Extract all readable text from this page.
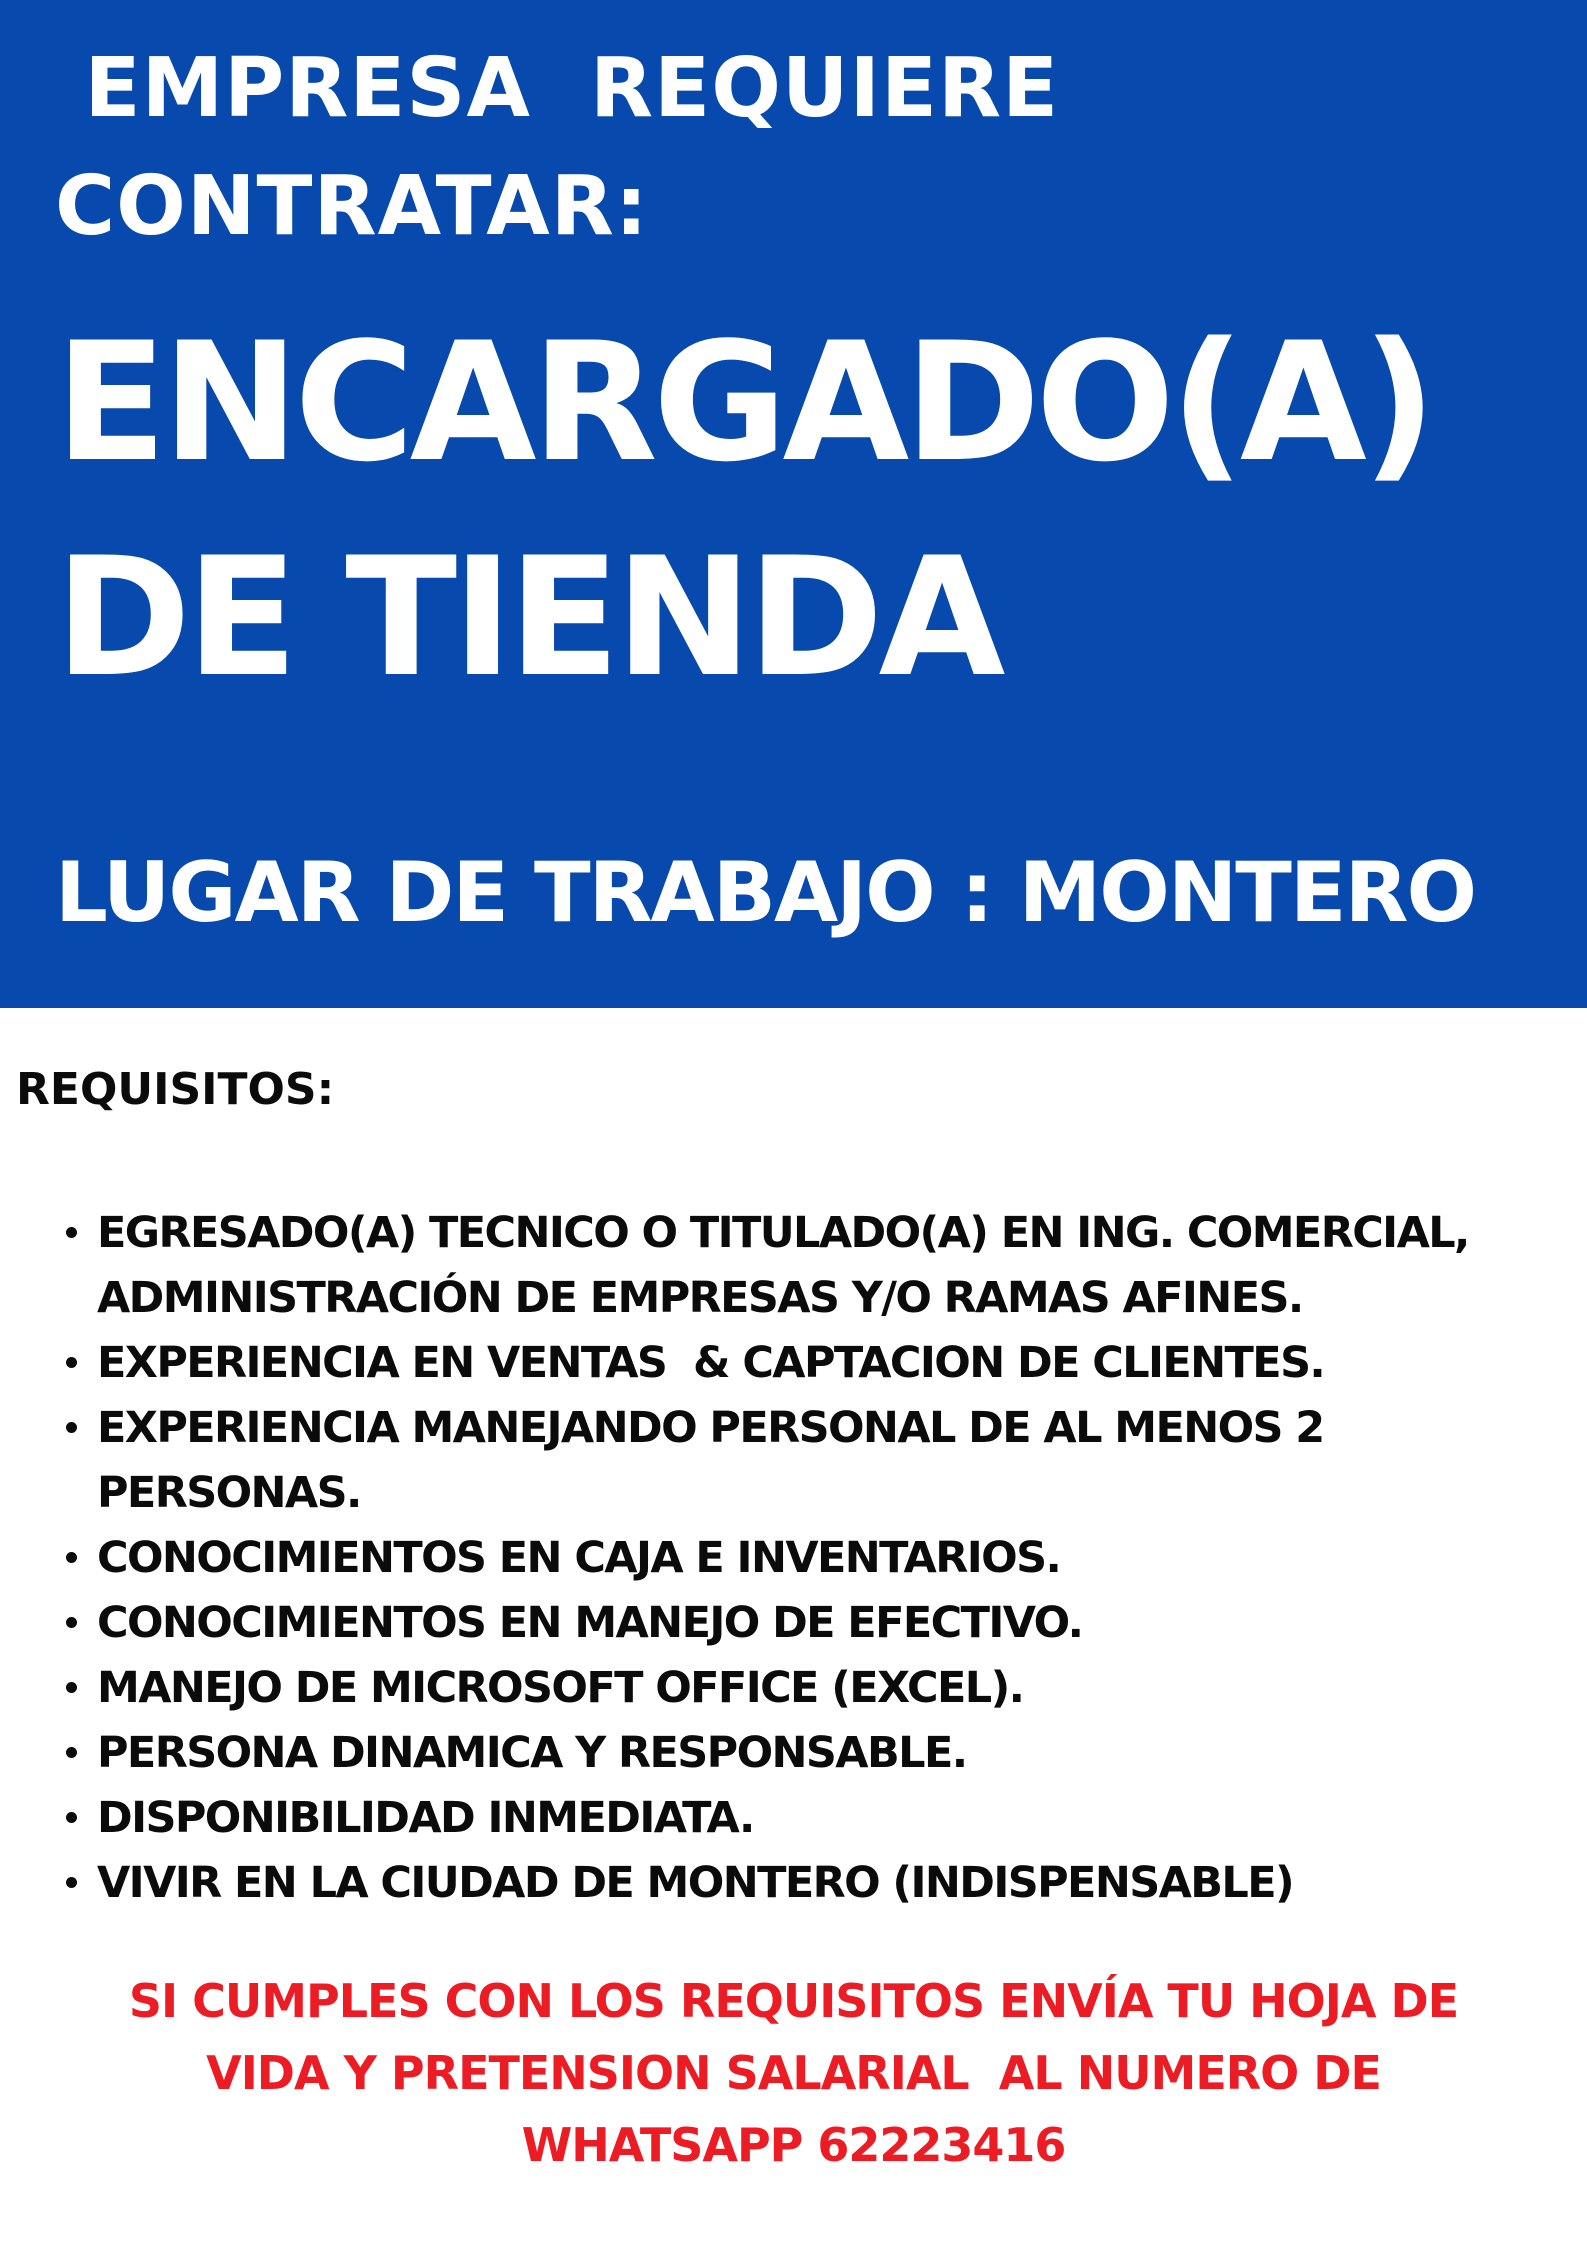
EMPRESA  REQUIERE
CONTRATAR:
ENCARGADO(A)
DE TIENDA
LUGAR DE TRABAJO : MONTERO
REQUISITOS:
EGRESADO(A) TECNICO O TITULADO(A) EN ING. COMERCIAL,
ADMINISTRACIÓN DE EMPRESAS Y/O RAMAS AFINES.
EXPERIENCIA EN VENTAS  & CAPTACION DE CLIENTES.
EXPERIENCIA MANEJANDO PERSONAL DE AL MENOS 2
PERSONAS.
CONOCIMIENTOS EN CAJA E INVENTARIOS.
CONOCIMIENTOS EN MANEJO DE EFECTIVO.
MANEJO DE MICROSOFT OFFICE (EXCEL).
PERSONA DINAMICA Y RESPONSABLE.
DISPONIBILIDAD INMEDIATA.
VIVIR EN LA CIUDAD DE MONTERO (INDISPENSABLE)

SI CUMPLES CON LOS REQUISITOS ENVÍA TU HOJA DE
VIDA Y PRETENSION SALARIAL  AL NUMERO DE
WHATSAPP 62223416
